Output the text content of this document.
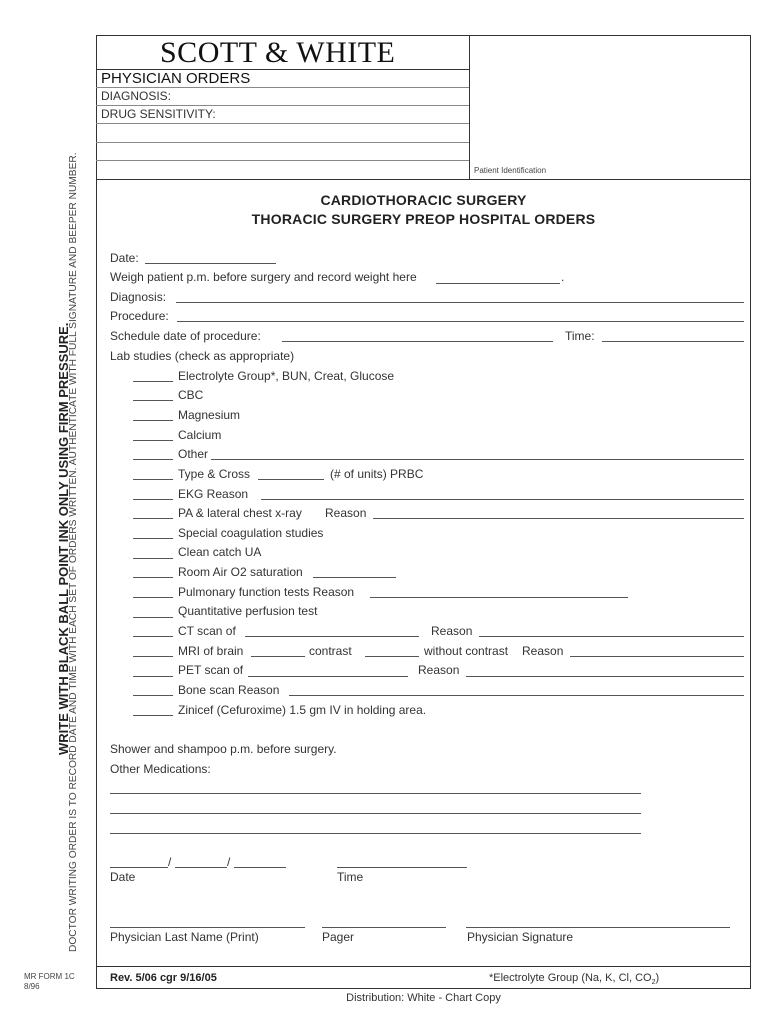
WRITE WITH BLACK BALL POINT INK ONLY USING FIRM PRESSURE.
DOCTOR WRITING ORDER IS TO RECORD DATE AND TIME WITH EACH SET OF ORDERS WRITTEN. AUTHENTICATE WITH FULL SIGNATURE AND BEEPER NUMBER.
MR FORM 1C
8/96
SCOTT & WHITE
PHYSICIAN ORDERS
DIAGNOSIS:
DRUG SENSITIVITY:
Patient Identification
CARDIOTHORACIC SURGERY
THORACIC SURGERY PREOP HOSPITAL ORDERS
Date:
Weigh patient p.m. before surgery and record weight here	.
Diagnosis:
Procedure:
Schedule date of procedure:	Time:
Lab studies (check as appropriate)
Electrolyte Group*, BUN, Creat, Glucose
CBC
Magnesium
Calcium
Other
Type & Cross	(# of units) PRBC
EKG Reason
PA & lateral chest x-ray Reason
Special coagulation studies
Clean catch UA
Room Air O2 saturation
Pulmonary function tests Reason
Quantitative perfusion test
CT scan of	Reason
MRI of brain	contrast	without contrast Reason
PET scan of	Reason
Bone scan Reason
Zinicef (Cefuroxime) 1.5 gm IV in holding area.
Shower and shampoo p.m. before surgery.
Other Medications:
/	/
Date	Time
Physician Last Name (Print)	Pager	Physician Signature
Rev. 5/06 cgr 9/16/05	*Electrolyte Group (Na, K, Cl, $CO_2$)
Distribution: White - Chart Copy
